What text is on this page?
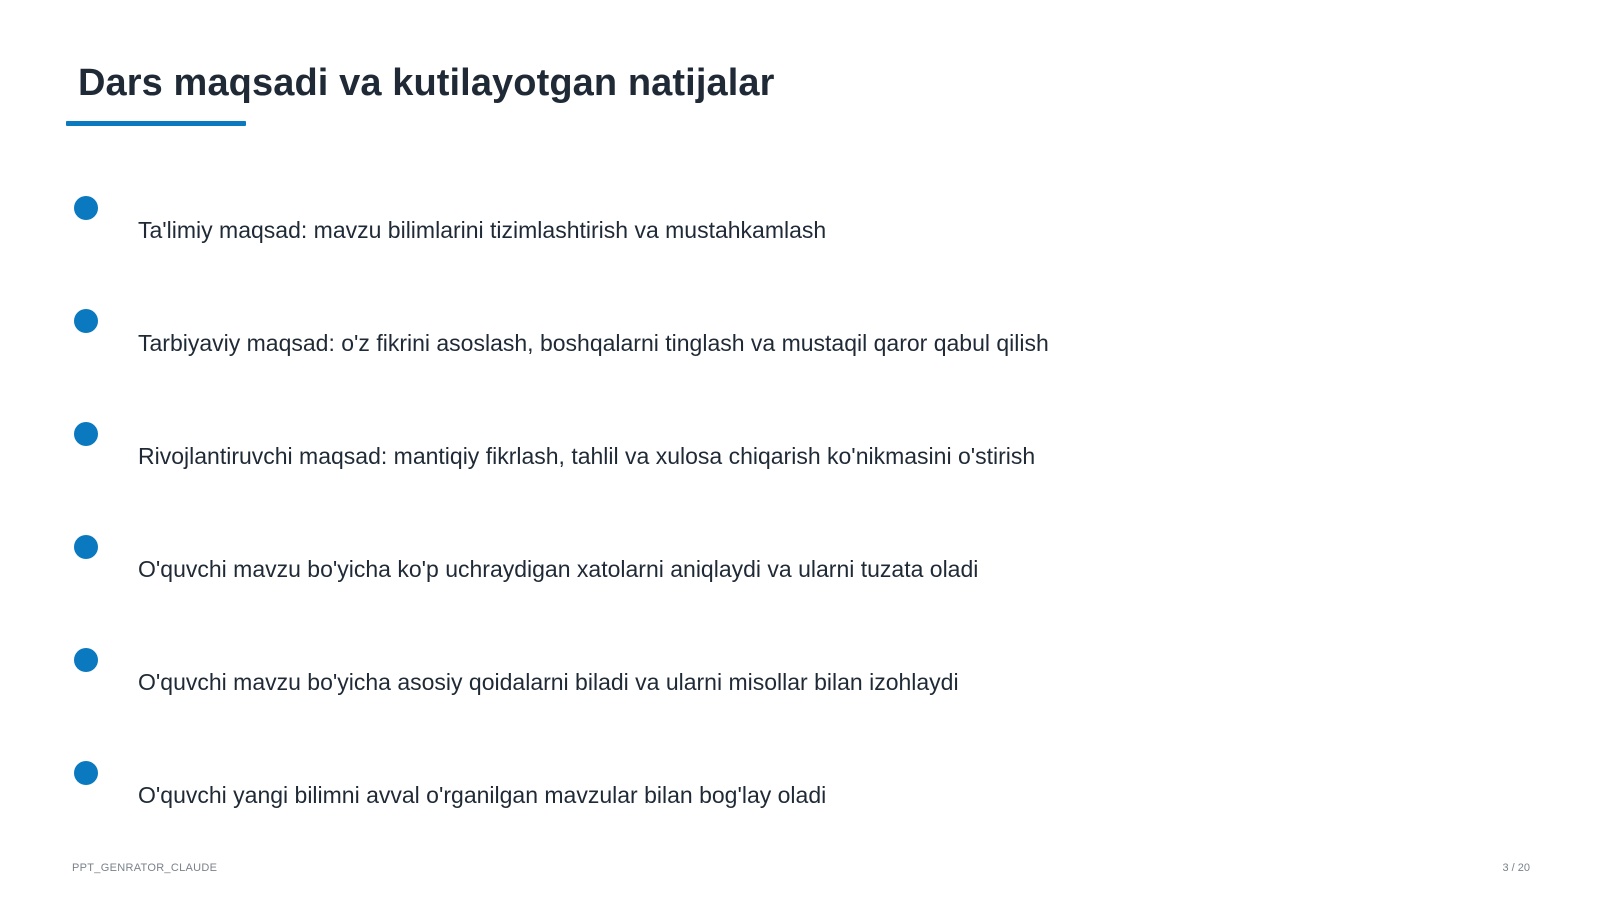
Dars maqsadi va kutilayotgan natijalar
Ta'limiy maqsad: mavzu bilimlarini tizimlashtirish va mustahkamlash
Tarbiyaviy maqsad: o'z fikrini asoslash, boshqalarni tinglash va mustaqil qaror qabul qilish
Rivojlantiruvchi maqsad: mantiqiy fikrlash, tahlil va xulosa chiqarish ko'nikmasini o'stirish
O'quvchi mavzu bo'yicha ko'p uchraydigan xatolarni aniqlaydi va ularni tuzata oladi
O'quvchi mavzu bo'yicha asosiy qoidalarni biladi va ularni misollar bilan izohlaydi
O'quvchi yangi bilimni avval o'rganilgan mavzular bilan bog'lay oladi
PPT_GENRATOR_CLAUDE	3 / 20
